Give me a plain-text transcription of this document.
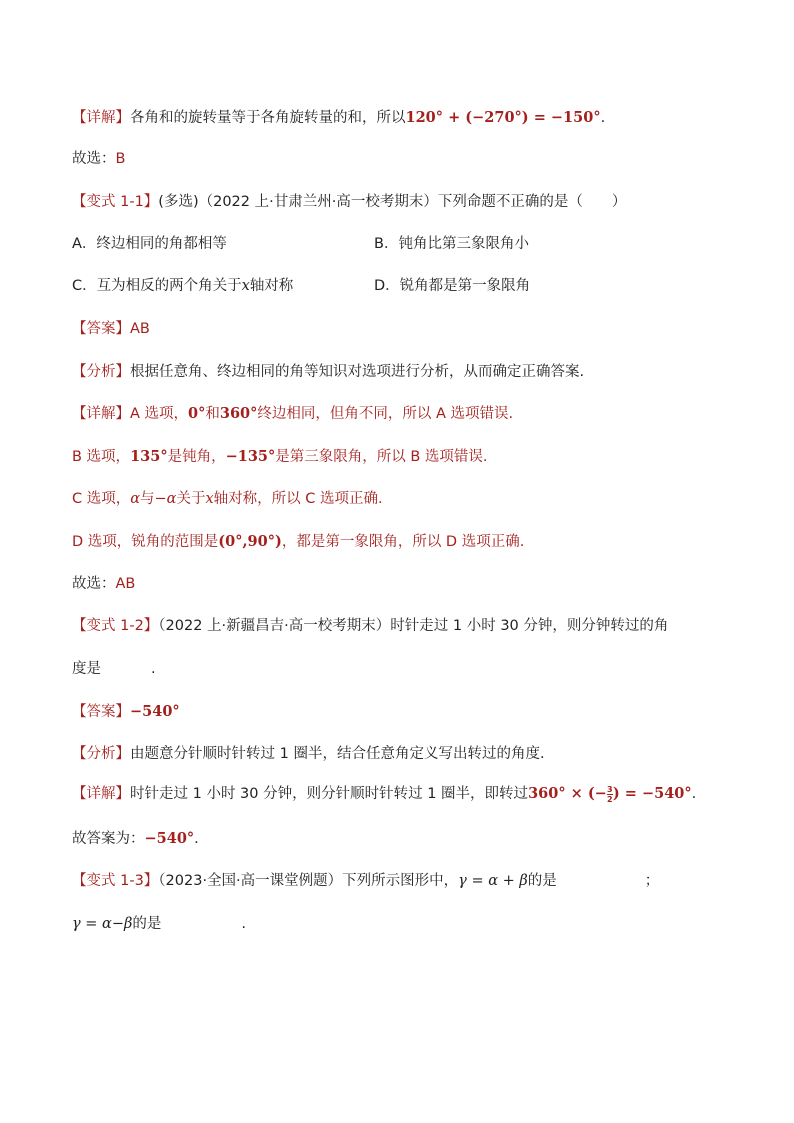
【详解】各角和的旋转量等于各角旋转量的和，所以120° + (−270°) = −150°.
故选：B
【变式 1-1】(多选)（2022 上·甘肃兰州·高一校考期末）下列命题不正确的是（　　）
A．终边相同的角都相等	B．钝角比第三象限角小
C．互为相反的两个角关于x轴对称	D．锐角都是第一象限角
【答案】AB
【分析】根据任意角、终边相同的角等知识对选项进行分析，从而确定正确答案.
【详解】A 选项，0°和360°终边相同，但角不同，所以 A 选项错误.
B 选项，135°是钝角，−135°是第三象限角，所以 B 选项错误.
C 选项，α与−α关于x轴对称，所以 C 选项正确.
D 选项，锐角的范围是(0°,90°)，都是第一象限角，所以 D 选项正确.
故选：AB
【变式 1-2】（2022 上·新疆昌吉·高一校考期末）时针走过 1 小时 30 分钟，则分钟转过的角
度是	.
【答案】−540°
【分析】由题意分针顺时针转过 1 圈半，结合任意角定义写出转过的角度.
【详解】时针走过 1 小时 30 分钟，则分针顺时针转过 1 圈半，即转过360° × (− $\frac{3}{2}$ ) = −540°.
故答案为：−540°.
【变式 1-3】（2023·全国·高一课堂例题）下列所示图形中，γ = α + β的是	；
γ = α−β的是	.
